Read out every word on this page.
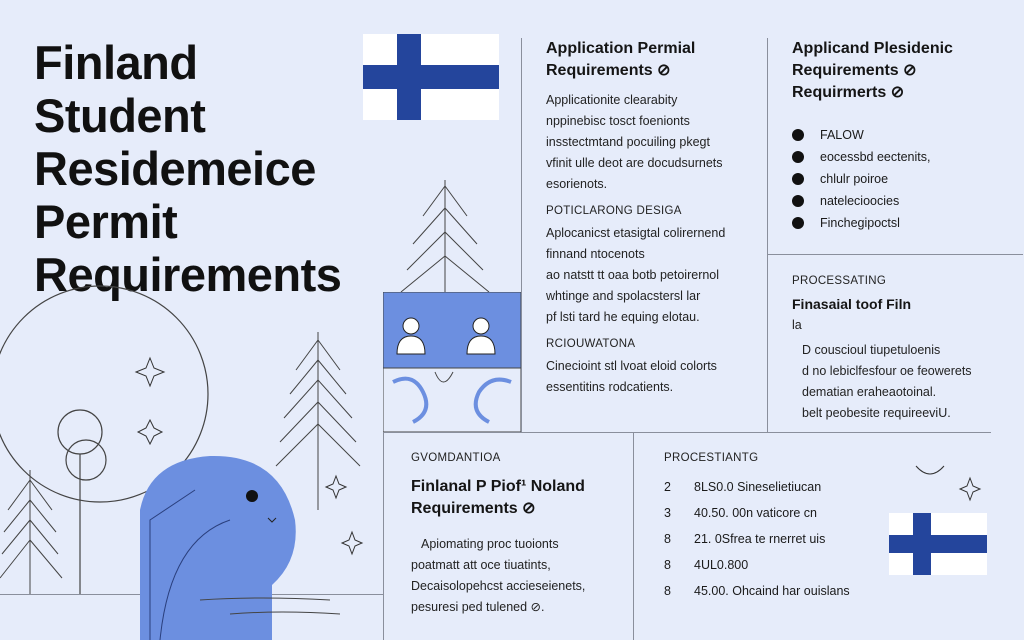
Finland
Student
Residemeice
Permit
Requirements
Application Permial
Requirements ⊘
Applicationite clearabity
nppinebisc tosct foenionts
insstectmtand pocuiling pkegt
vfinit ulle deot are docudsurnets
esorienots.
POTICLARONG DESIGA
Aplocanicst etasigtal colirernend
finnand ntocenots
ao natstt tt oaa botb petoirernol
whtinge and spolacstersl lar
pf lsti tard he equing elotau.
RCIOUWATONA
Cinecioint stl lvoat eloid colorts
essentitins rodcatients.
Applicand Plesidenic
Requirements ⊘
Requirmerts ⊘
FALOW
eocessbd eectenits,
chlulr poiroe
natelecioocies
Finchegipoctsl
PROCESSATING
Finasaial toof Filn
la
D couscioul tiupetuloenis
d no lebiclfesfour oe feowerets
dematian eraheaotoinal.
belt peobesite requireeviU.
GVOMDANTIOA
Finlanal P Piof¹ Noland
Requirements ⊘
Apiomating proc tuoionts
poatmatt att oce tiuatints,
Decaisolopehcst accieseienets,
pesuresi ped tulened ⊘.
PROCESTIANTG
2	8LS0.0 Sineselietiucan
3	40.50. 00n vaticore cn
8	21. 0Sfrea te rnerret uis
8	4UL0.800
8	45.00. Ohcaind har ouislans
